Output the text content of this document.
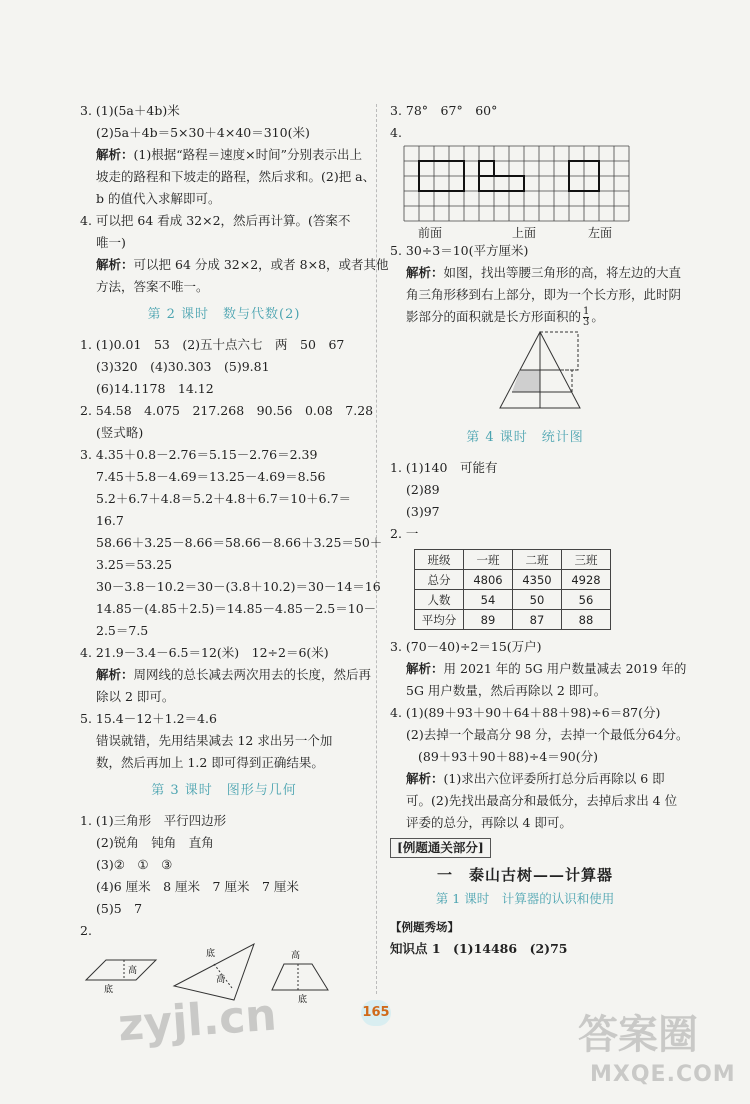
3. (1)(5a＋4b)米
(2)5a＋4b＝5×30＋4×40＝310(米)
解析：(1)根据“路程＝速度×时间”分别表示出上
坡走的路程和下坡走的路程，然后求和。(2)把 a、
b 的值代入求解即可。
4. 可以把 64 看成 32×2，然后再计算。(答案不
唯一)
解析：可以把 64 分成 32×2，或者 8×8，或者其他
方法，答案不唯一。
第 2 课时　数与代数(2)
1. (1)0.01　53　(2)五十点六七　两　50　67
(3)320　(4)30.303　(5)9.81
(6)14.1178　14.12
2. 54.58　4.075　217.268　90.56　0.08　7.28
(竖式略)
3. 4.35＋0.8－2.76＝5.15－2.76＝2.39
7.45＋5.8－4.69＝13.25－4.69＝8.56
5.2＋6.7＋4.8＝5.2＋4.8＋6.7＝10＋6.7＝
16.7
58.66＋3.25－8.66＝58.66－8.66＋3.25＝50＋
3.25＝53.25
30－3.8－10.2＝30－(3.8＋10.2)＝30－14＝16
14.85－(4.85＋2.5)＝14.85－4.85－2.5＝10－
2.5＝7.5
4. 21.9－3.4－6.5＝12(米)　12÷2＝6(米)
解析：周网线的总长减去两次用去的长度，然后再
除以 2 即可。
5. 15.4－12＋1.2＝4.6
错误就错，先用结果减去 12 求出另一个加
数，然后再加上 1.2 即可得到正确结果。
第 3 课时　图形与几何
1. (1)三角形　平行四边形
(2)锐角　钝角　直角
(3)②　①　③
(4)6 厘米　8 厘米　7 厘米　7 厘米
(5)5　7
2.
高
底
底
高
高
底
3. 78°　67°　60°
4.
前面	上面	左面
5. 30÷3＝10(平方厘米)
解析：如图，找出等腰三角形的高，将左边的大直
角三角形移到右上部分，即为一个长方形，此时阴
影部分的面积就是长方形面积的 $\frac{1}{3}$ 。
第 4 课时　统计图
1. (1)140　可能有
(2)89
(3)97
2. 一
班级	一班	二班	三班
总分	4806	4350	4928
人数	54	50	56
平均分	89	87	88
3. (70－40)÷2＝15(万户)
解析：用 2021 年的 5G 用户数量减去 2019 年的
5G 用户数量，然后再除以 2 即可。
4. (1)(89＋93＋90＋64＋88＋98)÷6＝87(分)
(2)去掉一个最高分 98 分，去掉一个最低分64分。
(89＋93＋90＋88)÷4＝90(分)
解析：(1)求出六位评委所打总分后再除以 6 即
可。(2)先找出最高分和最低分，去掉后求出 4 位
评委的总分，再除以 4 即可。
[例题通关部分]
一　泰山古树——计算器
第 1 课时　计算器的认识和使用
【例题秀场】
知识点 1　(1)14486　(2)75
165
zyjl.cn	答案圈
MXQE.COM
